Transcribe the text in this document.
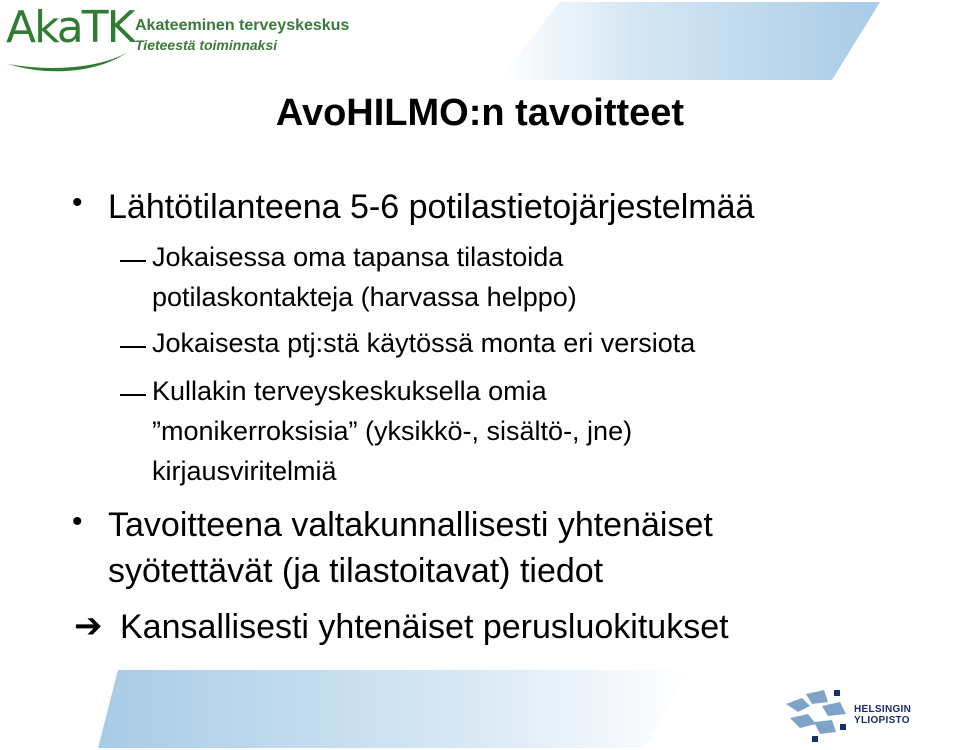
AkaTK Akateeminen terveyskeskus
Tieteestä toiminnaksi
AvoHILMO:n tavoitteet
• Lähtötilanteena 5-6 potilastietojärjestelmää
Jokaisessa oma tapansa tilastoida
potilaskontakteja (harvassa helppo)
Jokaisesta ptj:stä käytössä monta eri versiota
Kullakin terveyskeskuksella omia
”monikerroksisia” (yksikkö-, sisältö-, jne)
kirjausviritelmiä
• Tavoitteena valtakunnallisesti yhtenäiset
syötettävät (ja tilastoitavat) tiedot
➔ Kansallisesti yhtenäiset perusluokitukset
HELSINGIN YLIOPISTO
